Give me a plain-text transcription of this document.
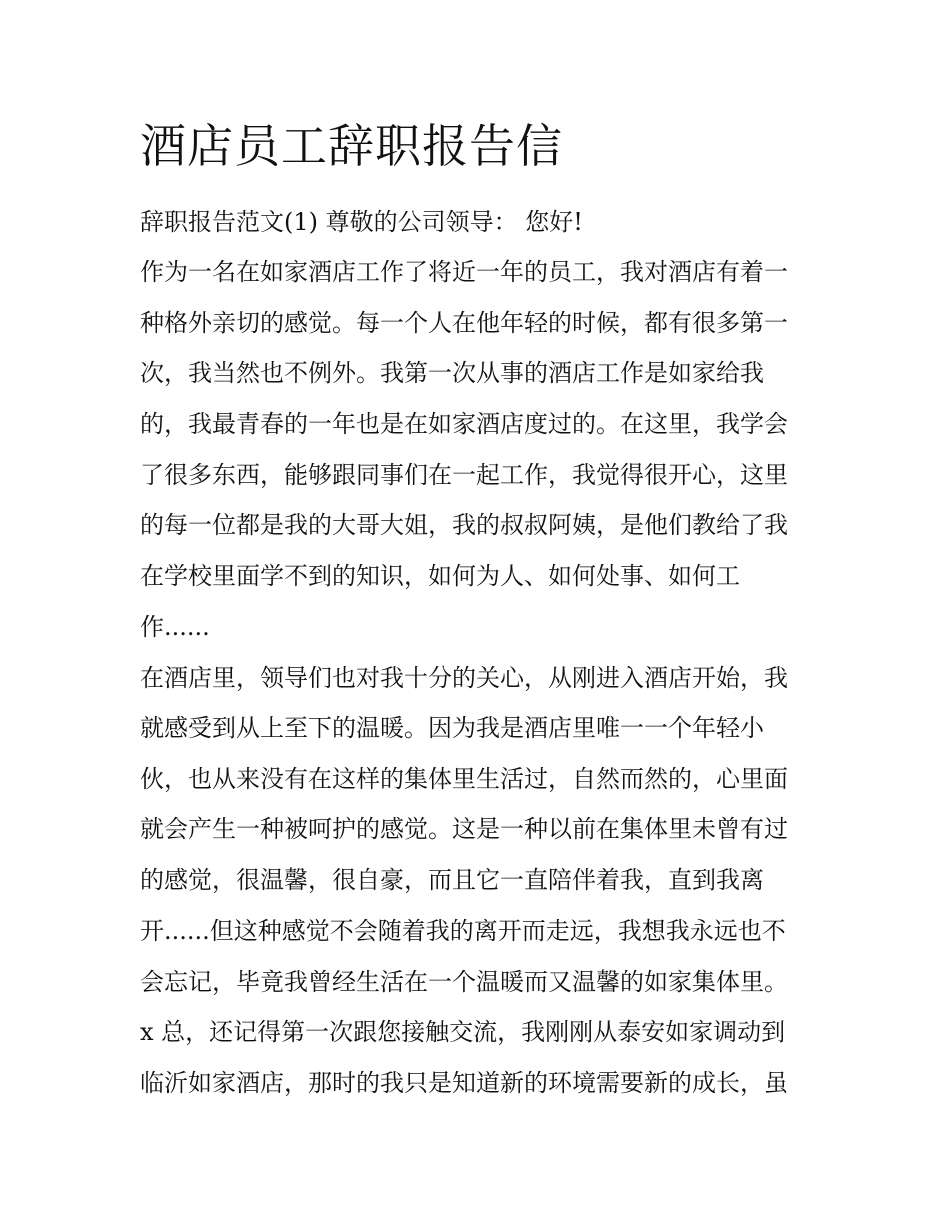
酒店员工辞职报告信

辞职报告范文(1) 尊敬的公司领导： 您好!

作为一名在如家酒店工作了将近一年的员工，我对酒店有着一

种格外亲切的感觉。每一个人在他年轻的时候，都有很多第一

次，我当然也不例外。我第一次从事的酒店工作是如家给我

的，我最青春的一年也是在如家酒店度过的。在这里，我学会

了很多东西，能够跟同事们在一起工作，我觉得很开心，这里

的每一位都是我的大哥大姐，我的叔叔阿姨，是他们教给了我

在学校里面学不到的知识，如何为人、如何处事、如何工

作......

在酒店里，领导们也对我十分的关心，从刚进入酒店开始，我

就感受到从上至下的温暖。因为我是酒店里唯一一个年轻小

伙，也从来没有在这样的集体里生活过，自然而然的，心里面

就会产生一种被呵护的感觉。这是一种以前在集体里未曾有过

的感觉，很温馨，很自豪，而且它一直陪伴着我，直到我离

开......但这种感觉不会随着我的离开而走远，我想我永远也不

会忘记，毕竟我曾经生活在一个温暖而又温馨的如家集体里。

x 总，还记得第一次跟您接触交流，我刚刚从泰安如家调动到

临沂如家酒店，那时的我只是知道新的环境需要新的成长，虽
